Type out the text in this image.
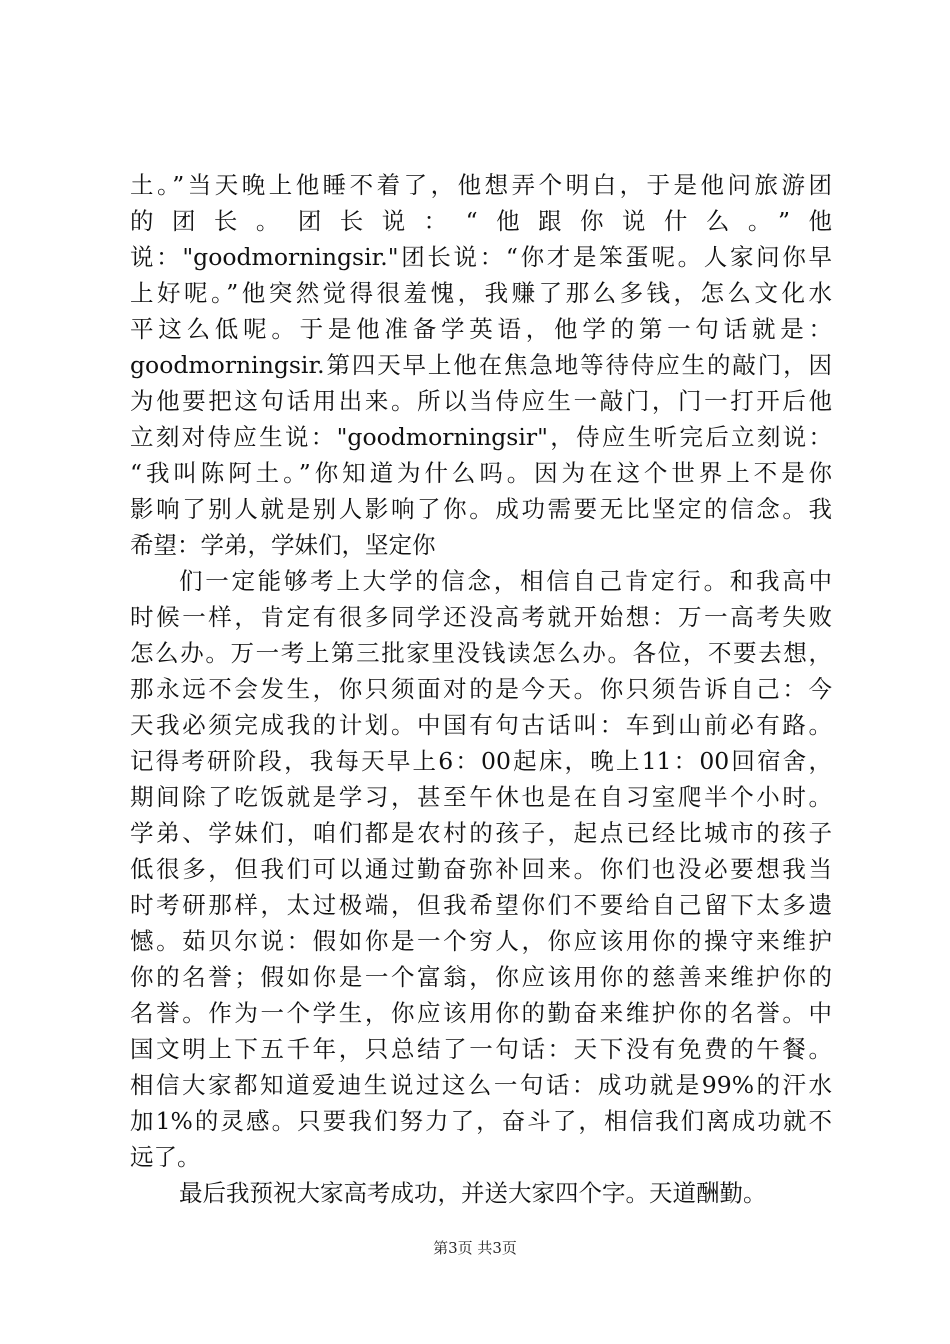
土。”当天晚上他睡不着了，他想弄个明白，于是他问旅游团
的团长。团长说：“他跟你说什么。”他
说："goodmorningsir."团长说：“你才是笨蛋呢。人家问你早
上好呢。”他突然觉得很羞愧，我赚了那么多钱，怎么文化水
平这么低呢。于是他准备学英语，他学的第一句话就是：
goodmorningsir.第四天早上他在焦急地等待侍应生的敲门，因
为他要把这句话用出来。所以当侍应生一敲门，门一打开后他
立刻对侍应生说："goodmorningsir"，侍应生听完后立刻说：
“我叫陈阿土。”你知道为什么吗。因为在这个世界上不是你
影响了别人就是别人影响了你。成功需要无比坚定的信念。我
希望：学弟，学妹们，坚定你
们一定能够考上大学的信念，相信自己肯定行。和我高中
时候一样，肯定有很多同学还没高考就开始想：万一高考失败
怎么办。万一考上第三批家里没钱读怎么办。各位，不要去想，
那永远不会发生，你只须面对的是今天。你只须告诉自己：今
天我必须完成我的计划。中国有句古话叫：车到山前必有路。
记得考研阶段，我每天早上6：00起床，晚上11：00回宿舍，
期间除了吃饭就是学习，甚至午休也是在自习室爬半个小时。
学弟、学妹们，咱们都是农村的孩子，起点已经比城市的孩子
低很多，但我们可以通过勤奋弥补回来。你们也没必要想我当
时考研那样，太过极端，但我希望你们不要给自己留下太多遗
憾。茹贝尔说：假如你是一个穷人，你应该用你的操守来维护
你的名誉；假如你是一个富翁，你应该用你的慈善来维护你的
名誉。作为一个学生，你应该用你的勤奋来维护你的名誉。中
国文明上下五千年，只总结了一句话：天下没有免费的午餐。
相信大家都知道爱迪生说过这么一句话：成功就是99%的汗水
加1%的灵感。只要我们努力了，奋斗了，相信我们离成功就不
远了。
最后我预祝大家高考成功，并送大家四个字。天道酬勤。
第3页 共3页
